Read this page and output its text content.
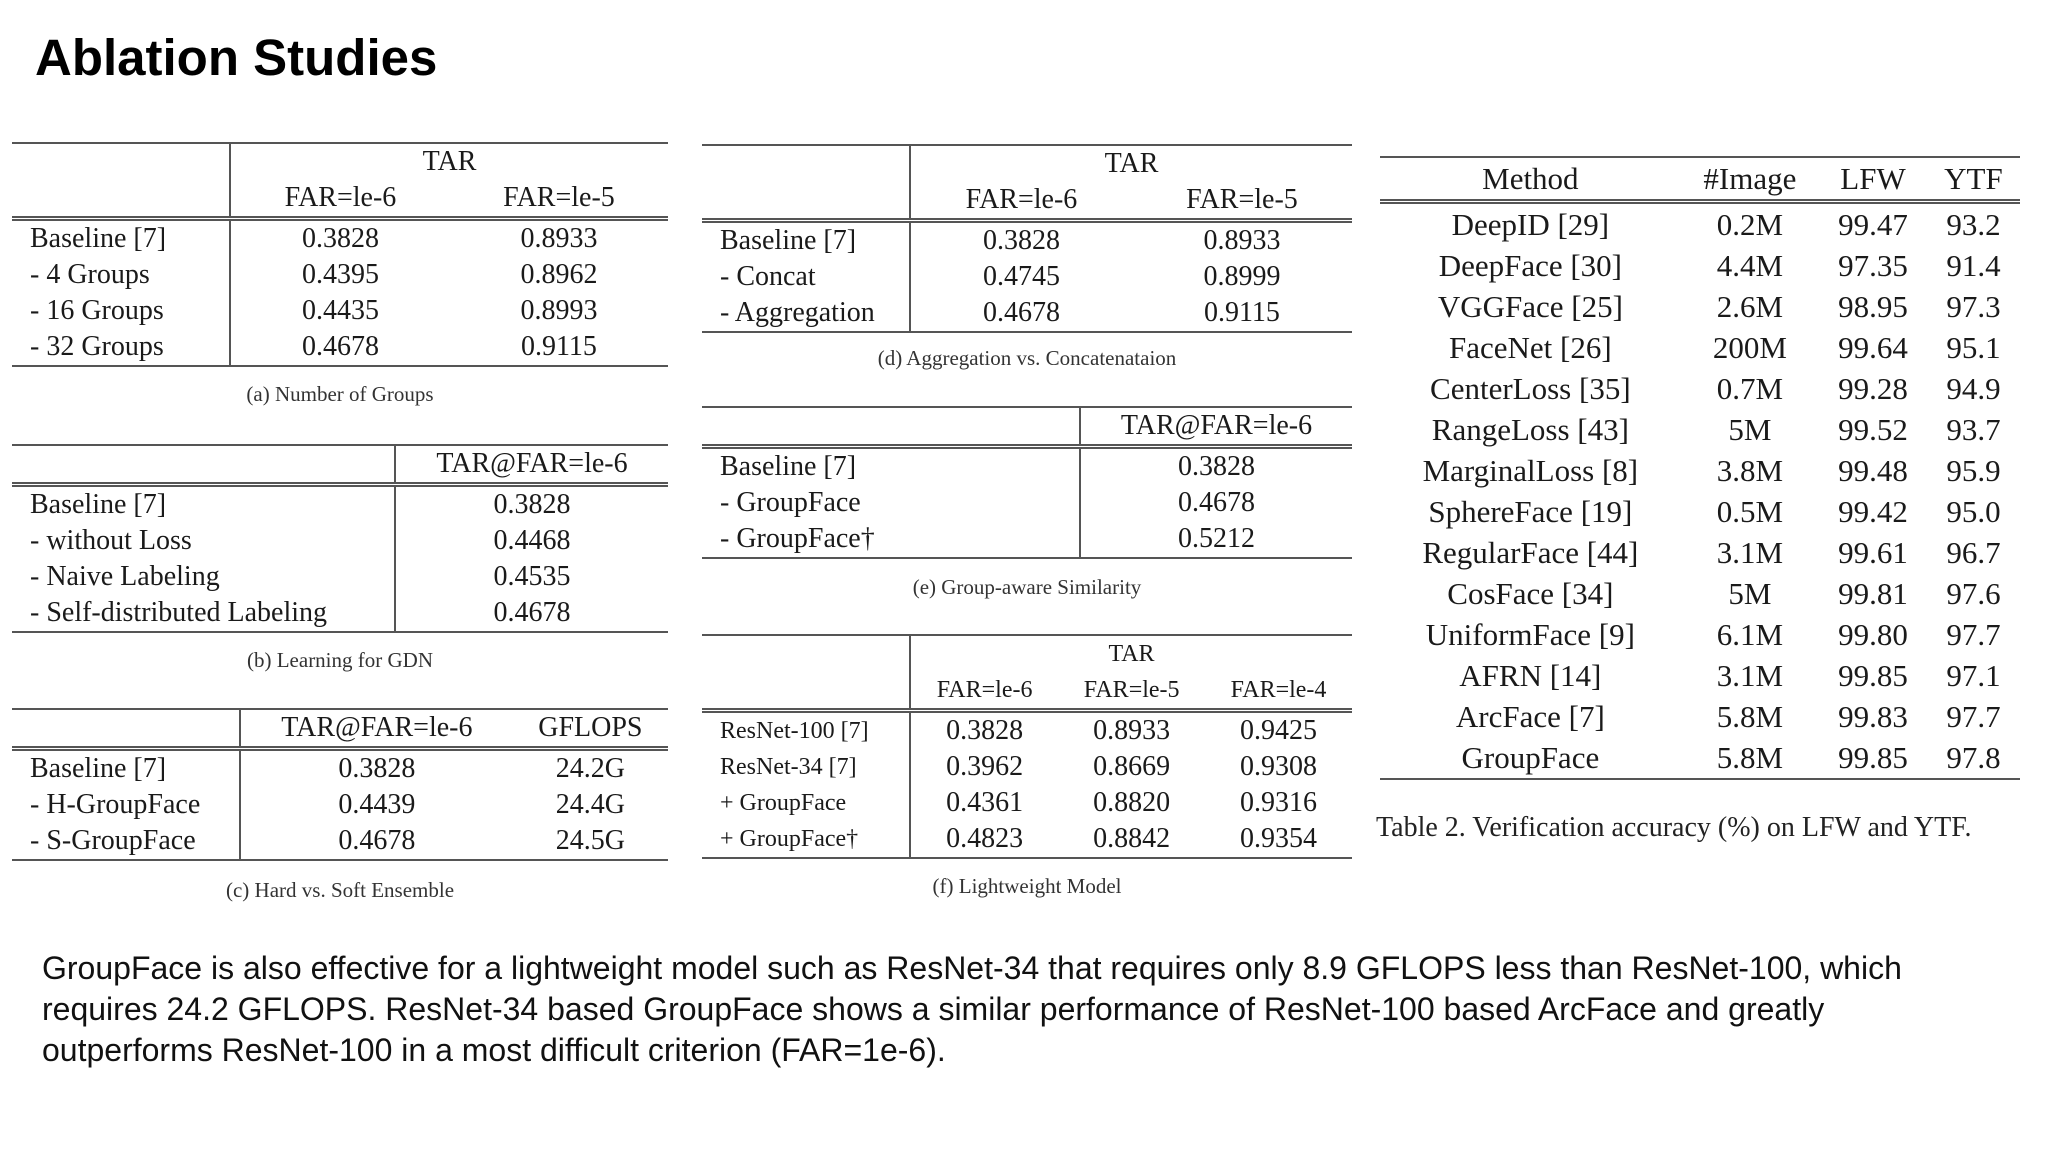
Ablation Studies
	TAR	
	FAR=le-6	FAR=le-5
Baseline [7]	0.3828	0.8933
- 4 Groups	0.4395	0.8962
- 16 Groups	0.4435	0.8993
- 32 Groups	0.4678	0.9115
(a) Number of Groups
	TAR@FAR=le-6
Baseline [7]	0.3828
- without Loss	0.4468
- Naive Labeling	0.4535
- Self-distributed Labeling	0.4678
(b) Learning for GDN
	TAR@FAR=le-6	GFLOPS
Baseline [7]	0.3828	24.2G
- H-GroupFace	0.4439	24.4G
- S-GroupFace	0.4678	24.5G
(c) Hard vs. Soft Ensemble
	TAR	
	FAR=le-6	FAR=le-5
Baseline [7]	0.3828	0.8933
- Concat	0.4745	0.8999
- Aggregation	0.4678	0.9115
(d) Aggregation vs. Concatenataion
	TAR@FAR=le-6
Baseline [7]	0.3828
- GroupFace	0.4678
- GroupFace†	0.5212
(e) Group-aware Similarity
	TAR		
	FAR=le-6	FAR=le-5	FAR=le-4
ResNet-100 [7]	0.3828	0.8933	0.9425
ResNet-34 [7]	0.3962	0.8669	0.9308
+ GroupFace	0.4361	0.8820	0.9316
+ GroupFace†	0.4823	0.8842	0.9354
(f) Lightweight Model
Method	#Image	LFW	YTF
DeepID [29]	0.2M	99.47	93.2
DeepFace [30]	4.4M	97.35	91.4
VGGFace [25]	2.6M	98.95	97.3
FaceNet [26]	200M	99.64	95.1
CenterLoss [35]	0.7M	99.28	94.9
RangeLoss [43]	5M	99.52	93.7
MarginalLoss [8]	3.8M	99.48	95.9
SphereFace [19]	0.5M	99.42	95.0
RegularFace [44]	3.1M	99.61	96.7
CosFace [34]	5M	99.81	97.6
UniformFace [9]	6.1M	99.80	97.7
AFRN [14]	3.1M	99.85	97.1
ArcFace [7]	5.8M	99.83	97.7
GroupFace	5.8M	99.85	97.8
Table 2. Verification accuracy (%) on LFW and YTF.

GroupFace is also effective for a lightweight model such as ResNet-34 that requires only 8.9 GFLOPS less than ResNet-100, which requires 24.2 GFLOPS. ResNet-34 based GroupFace shows a similar performance of ResNet-100 based ArcFace and greatly outperforms ResNet-100 in a most difficult criterion (FAR=1e-6).
